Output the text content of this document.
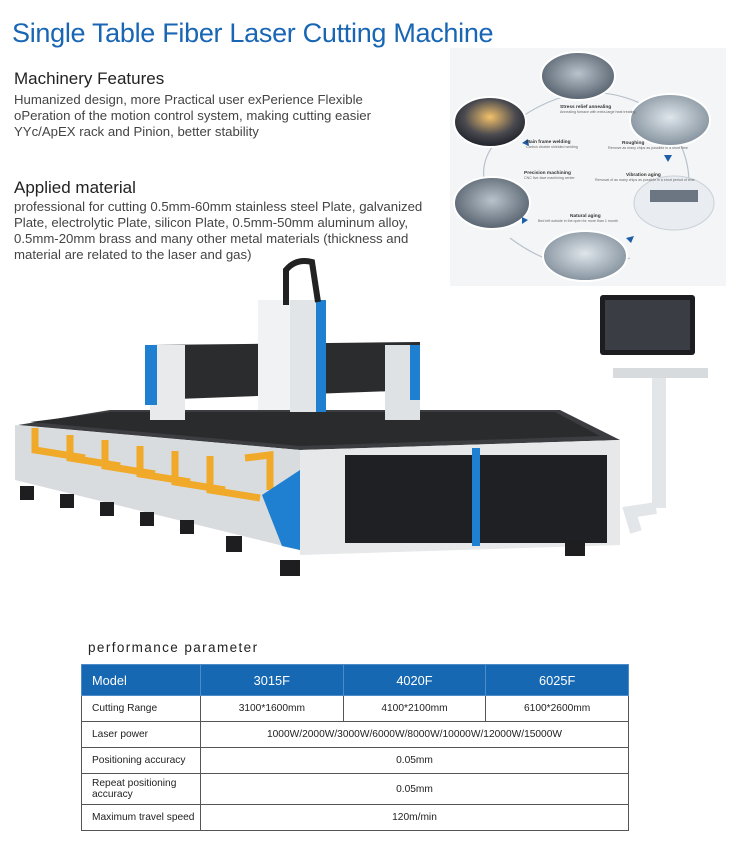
Single Table Fiber Laser Cutting Machine
Machinery Features
Humanized design, more Practical user exPerience Flexible
oPeration of the motion control system, making cutting easier
YYc/ApEX rack and Pinion, better stability
Applied material
professional for cutting 0.5mm-60mm stainless steel Plate, galvanized
Plate, electrolytic Plate, silicon Plate, 0.5mm-50mm aluminum alloy,
0.5mm-20mm brass and many other metal materials (thickness and
material are related to the laser and gas)
Stress relief annealing
Annealing furnace with extra-large heat treating
Roughing
Remove as many chips as possible in a short time
Vibration aging
Removal of as many chips as possible in a short period of time
Natural aging
Bed left outside in the open for more than 1 month
Precision machining
CNC five-face machining center
Main frame welding
Carbon dioxide shielded welding
performance parameter
Model	3015F	4020F	6025F
Cutting Range	3100*1600mm	4100*2100mm	6100*2600mm
Laser power	1000W/2000W/3000W/6000W/8000W/10000W/12000W/15000W		
Positioning accuracy	0.05mm		
Repeat positioning accuracy	0.05mm		
Maximum travel speed	120m/min		
